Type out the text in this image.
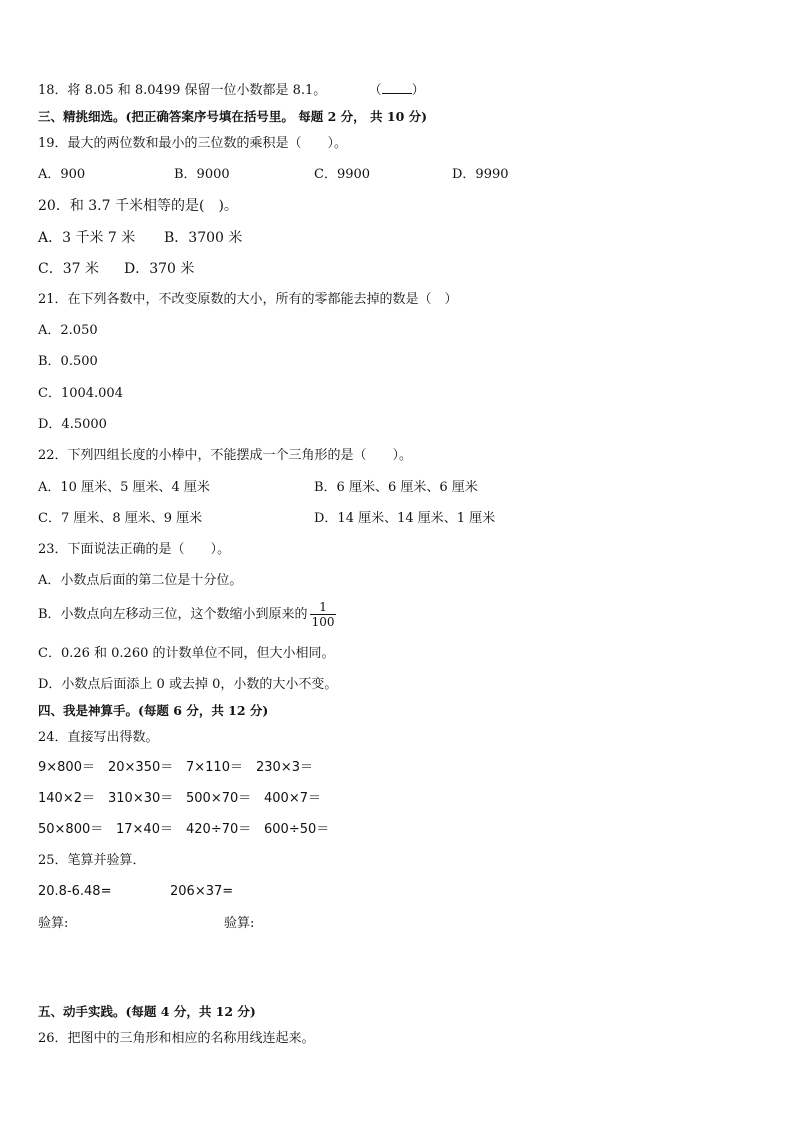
18．将 8.05 和 8.0499 保留一位小数都是 8.1。	（ ）
三、精挑细选。(把正确答案序号填在括号里。 每题 2 分， 共 10 分)
19．最大的两位数和最小的三位数的乘积是（　　）。
A．900	B．9000	C．9900	D．9990
20．和 3.7 千米相等的是(　)。
A．3 千米 7 米 B．3700 米
C．37 米 D．370 米
21．在下列各数中，不改变原数的大小，所有的零都能去掉的数是（　）
A．2.050
B．0.500
C．1004.004
D．4.5000
22．下列四组长度的小棒中，不能摆成一个三角形的是（　　）。
A．10 厘米、5 厘米、4 厘米	B．6 厘米、6 厘米、6 厘米
C．7 厘米、8 厘米、9 厘米	D．14 厘米、14 厘米、1 厘米
23．下面说法正确的是（　　）。
A．小数点后面的第二位是十分位。
B．小数点向左移动三位，这个数缩小到原来的 $\frac{1}{100}$
C．0.26 和 0.260 的计数单位不同，但大小相同。
D．小数点后面添上 0 或去掉 0，小数的大小不变。
四、我是神算手。(每题 6 分，共 12 分)
24．直接写出得数。
9×800＝ 20×350＝ 7×110＝ 230×3＝
140×2＝ 310×30＝ 500×70＝ 400×7＝
50×800＝ 17×40＝ 420÷70＝ 600÷50＝
25．笔算并验算．
20.8-6.48=	206×37=
验算:	验算:
五、动手实践。(每题 4 分，共 12 分)
26．把图中的三角形和相应的名称用线连起来。
